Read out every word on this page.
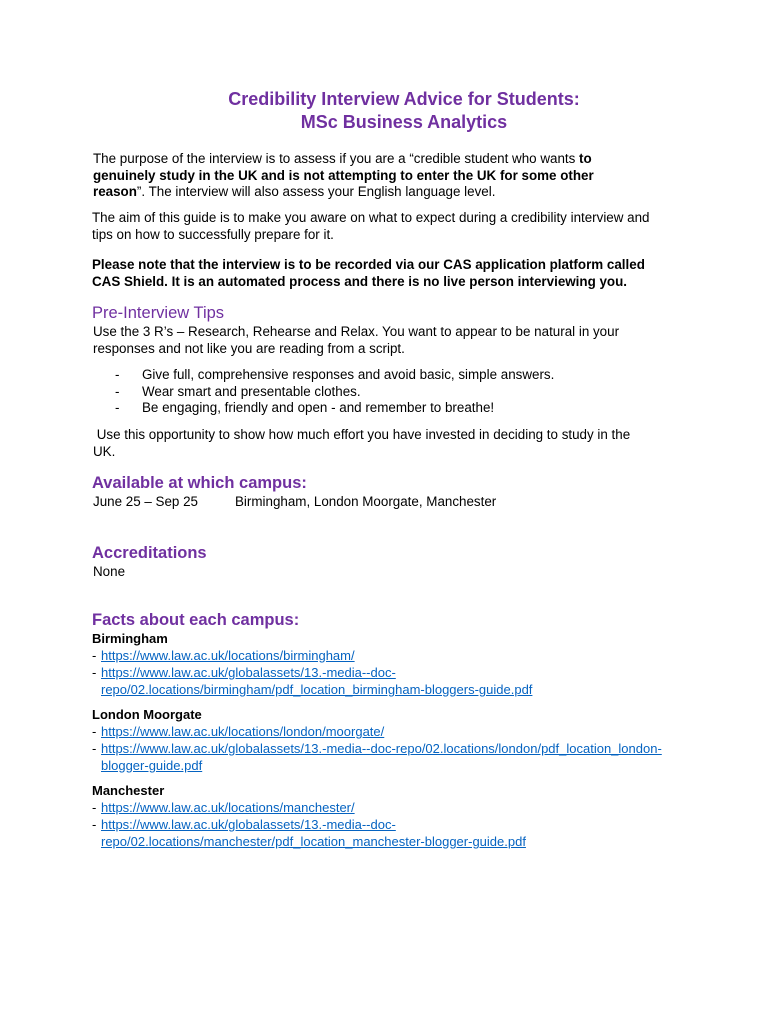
Credibility Interview Advice for Students:
MSc Business Analytics
The purpose of the interview is to assess if you are a “credible student who wants to
genuinely study in the UK and is not attempting to enter the UK for some other
reason”. The interview will also assess your English language level.
The aim of this guide is to make you aware on what to expect during a credibility interview and
tips on how to successfully prepare for it.
Please note that the interview is to be recorded via our CAS application platform called
CAS Shield. It is an automated process and there is no live person interviewing you.
Pre-Interview Tips
Use the 3 R’s – Research, Rehearse and Relax. You want to appear to be natural in your
responses and not like you are reading from a script.
- Give full, comprehensive responses and avoid basic, simple answers.
- Wear smart and presentable clothes.
- Be engaging, friendly and open - and remember to breathe!
Use this opportunity to show how much effort you have invested in deciding to study in the
UK.
Available at which campus:
June 25 – Sep 25	Birmingham, London Moorgate, Manchester
Accreditations
None
Facts about each campus:
Birmingham
- https://www.law.ac.uk/locations/birmingham/
- https://www.law.ac.uk/globalassets/13.-media--doc-
repo/02.locations/birmingham/pdf_location_birmingham-bloggers-guide.pdf
London Moorgate
- https://www.law.ac.uk/locations/london/moorgate/
- https://www.law.ac.uk/globalassets/13.-media--doc-repo/02.locations/london/pdf_location_london-
blogger-guide.pdf
Manchester
- https://www.law.ac.uk/locations/manchester/
- https://www.law.ac.uk/globalassets/13.-media--doc-
repo/02.locations/manchester/pdf_location_manchester-blogger-guide.pdf
